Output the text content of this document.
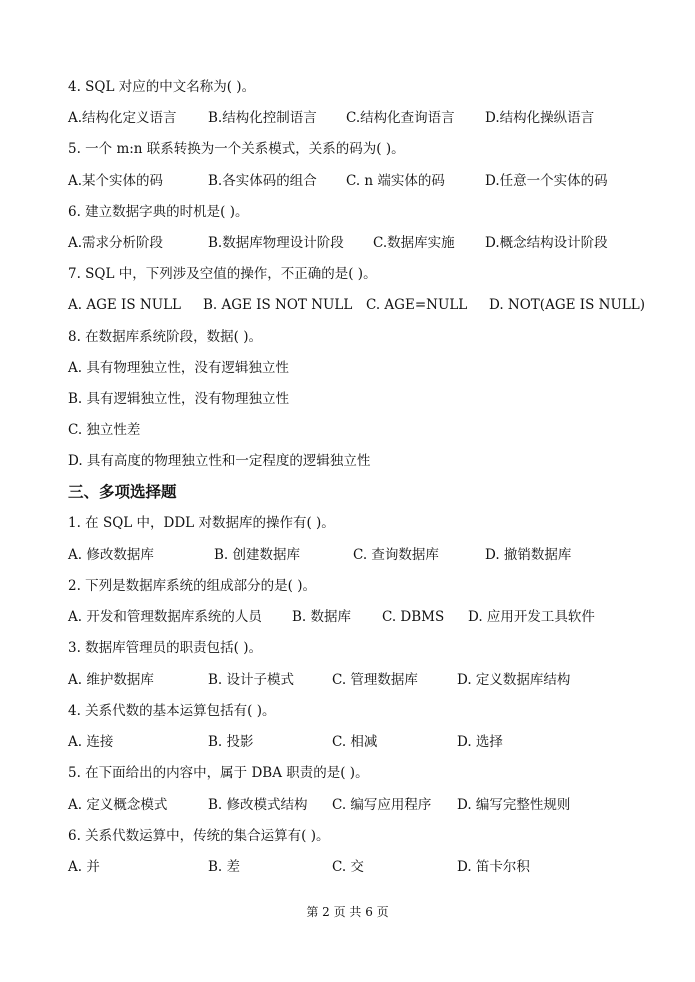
4. SQL 对应的中文名称为( )。
A.结构化定义语言 B.结构化控制语言 C.结构化查询语言 D.结构化操纵语言
5. 一个 m:n 联系转换为一个关系模式，关系的码为( )。
A.某个实体的码	B.各实体码的组合 C. n 端实体的码	D.任意一个实体的码
6. 建立数据字典的时机是( )。
A.需求分析阶段	B.数据库物理设计阶段 C.数据库实施 D.概念结构设计阶段
7. SQL 中，下列涉及空值的操作，不正确的是( )。
A. AGE IS NULL B. AGE IS NOT NULL C. AGE=NULL D. NOT(AGE IS NULL)
8. 在数据库系统阶段，数据( )。
A. 具有物理独立性，没有逻辑独立性
B. 具有逻辑独立性，没有物理独立性
C. 独立性差
D. 具有高度的物理独立性和一定程度的逻辑独立性
三、多项选择题
1. 在 SQL 中，DDL 对数据库的操作有( )。
A. 修改数据库	B. 创建数据库	C. 查询数据库	D. 撤销数据库
2. 下列是数据库系统的组成部分的是( )。
A. 开发和管理数据库系统的人员 B. 数据库 C. DBMS D. 应用开发工具软件
3. 数据库管理员的职责包括( )。
A. 维护数据库	B. 设计子模式	C. 管理数据库	D. 定义数据库结构
4. 关系代数的基本运算包括有( )。
A. 连接	B. 投影	C. 相减	D. 选择
5. 在下面给出的内容中，属于 DBA 职责的是( )。
A. 定义概念模式	B. 修改模式结构 C. 编写应用程序 D. 编写完整性规则
6. 关系代数运算中，传统的集合运算有( )。
A. 并	B. 差	C. 交	D. 笛卡尔积
第 2 页 共 6 页
